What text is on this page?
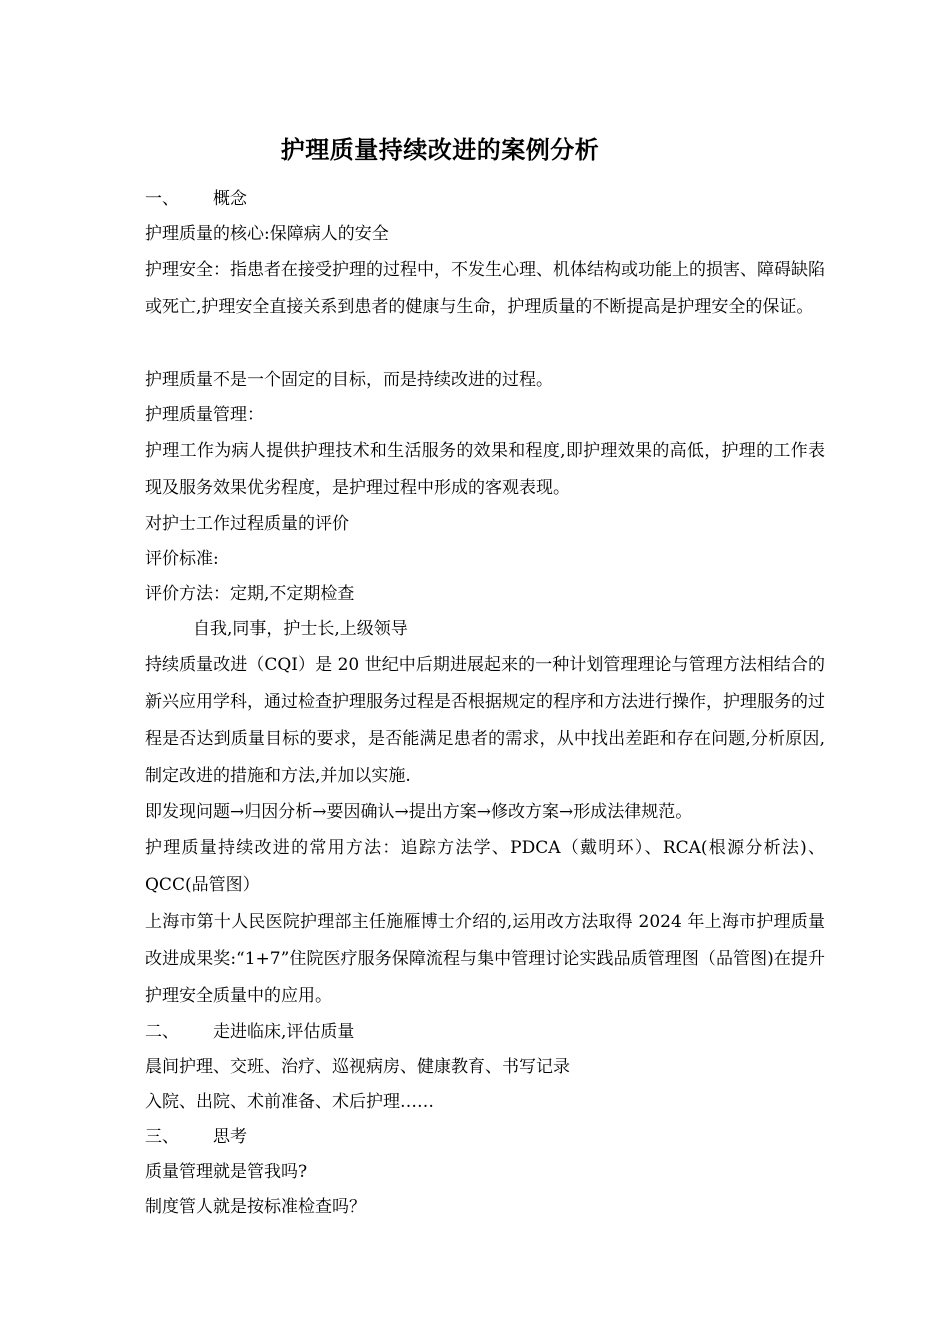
护理质量持续改进的案例分析
一、 概念
护理质量的核心:保障病人的安全
护理安全：指患者在接受护理的过程中，不发生心理、机体结构或功能上的损害、障碍缺陷或死亡,护理安全直接关系到患者的健康与生命，护理质量的不断提高是护理安全的保证。
护理质量不是一个固定的目标，而是持续改进的过程。
护理质量管理：
护理工作为病人提供护理技术和生活服务的效果和程度,即护理效果的高低，护理的工作表现及服务效果优劣程度，是护理过程中形成的客观表现。
对护士工作过程质量的评价
评价标准:
评价方法：定期,不定期检查
自我,同事，护士长,上级领导
持续质量改进（CQI）是 20 世纪中后期进展起来的一种计划管理理论与管理方法相结合的新兴应用学科，通过检查护理服务过程是否根据规定的程序和方法进行操作，护理服务的过程是否达到质量目标的要求，是否能满足患者的需求，从中找出差距和存在问题,分析原因,制定改进的措施和方法,并加以实施.
即发现问题→归因分析→要因确认→提出方案→修改方案→形成法律规范。
护理质量持续改进的常用方法：追踪方法学、PDCA（戴明环）、RCA(根源分析法)、QCC(品管图）
上海市第十人民医院护理部主任施雁博士介绍的,运用改方法取得 2024 年上海市护理质量改进成果奖:“1+7”住院医疗服务保障流程与集中管理讨论实践品质管理图（品管图)在提升护理安全质量中的应用。
二、 走进临床,评估质量
晨间护理、交班、治疗、巡视病房、健康教育、书写记录
入院、出院、术前准备、术后护理……
三、 思考
质量管理就是管我吗?
制度管人就是按标准检查吗？
